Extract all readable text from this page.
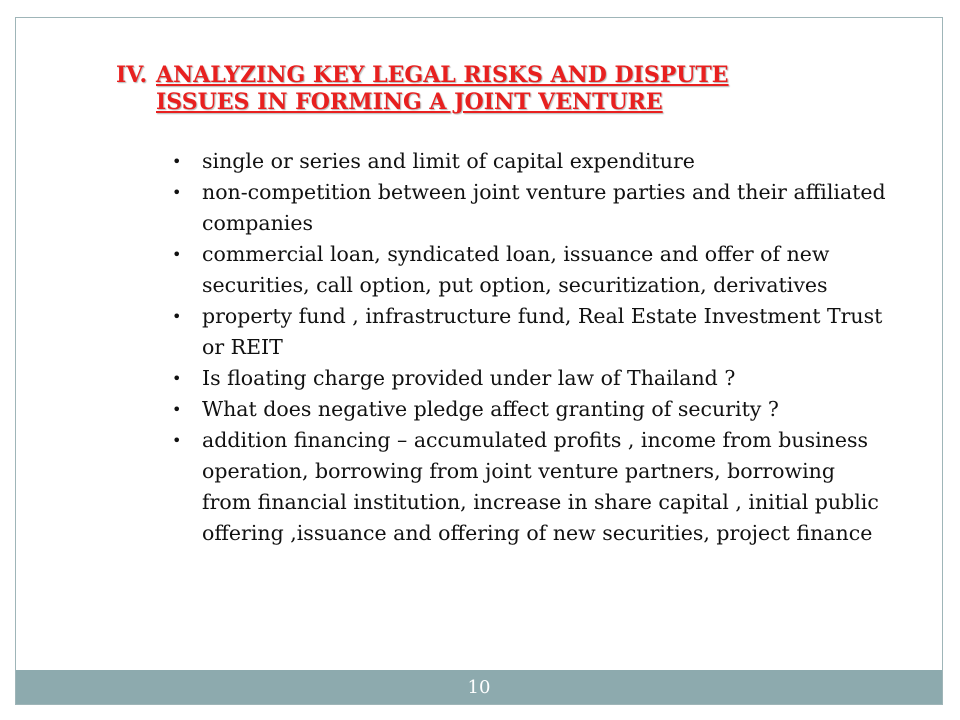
IV. ANALYZING KEY LEGAL RISKS AND DISPUTE
ISSUES IN FORMING A JOINT VENTURE
• single or series and limit of capital expenditure
• non-competition between joint venture parties and their affiliated companies
• commercial loan, syndicated loan, issuance and offer of new securities, call option, put option, securitization, derivatives
• property fund , infrastructure fund, Real Estate Investment Trust or REIT
• Is floating charge provided under law of Thailand ?
• What does negative pledge affect granting of security ?
• addition financing – accumulated profits , income from business operation, borrowing from joint venture partners, borrowing from financial institution, increase in share capital , initial public offering ,issuance and offering of new securities, project finance
10
